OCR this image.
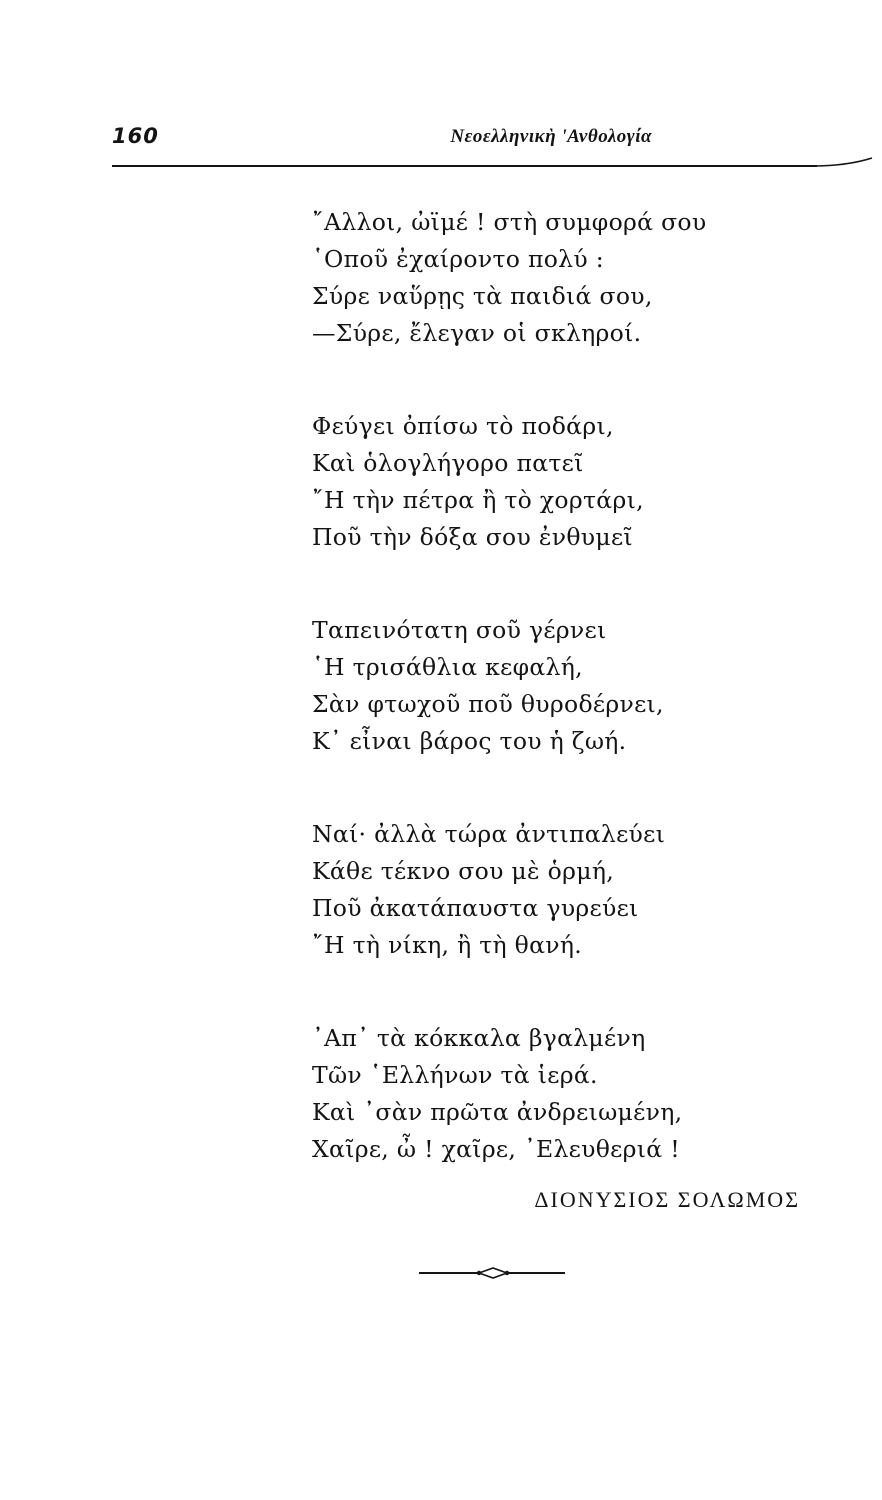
160	Νεοελληνικὴ 'Ανθολογία
῎Αλλοι, ὠϊμέ ! στὴ συμφορά σου
῾Οποῦ ἐχαίροντο πολύ :
Σύρε ναὕρῃς τὰ παιδιά σου,
—Σύρε, ἔλεγαν οἱ σκληροί.
Φεύγει ὀπίσω τὸ ποδάρι,
Καὶ ὁλογλήγορο πατεῖ
῎Η τὴν πέτρα ἢ τὸ χορτάρι,
Ποῦ τὴν δόξα σου ἐνθυμεῖ
Ταπεινότατη σοῦ γέρνει
῾Η τρισάθλια κεφαλή,
Σὰν φτωχοῦ ποῦ θυροδέρνει,
Κ᾽ εἶναι βάρος του ἡ ζωή.
Ναί· ἀλλὰ τώρα ἀντιπαλεύει
Κάθε τέκνο σου μὲ ὁρμή,
Ποῦ ἀκατάπαυστα γυρεύει
῎Η τὴ νίκη, ἢ τὴ θανή.
᾽Απ᾽ τὰ κόκκαλα βγαλμένη
Τῶν ῾Ελλήνων τὰ ἱερά.
Καὶ ᾽σὰν πρῶτα ἀνδρειωμένη,
Χαῖρε, ὦ ! χαῖρε, ᾽Ελευθεριά !
ΔΙΟΝΥΣΙΟΣ ΣΟΛΩΜΟΣ
